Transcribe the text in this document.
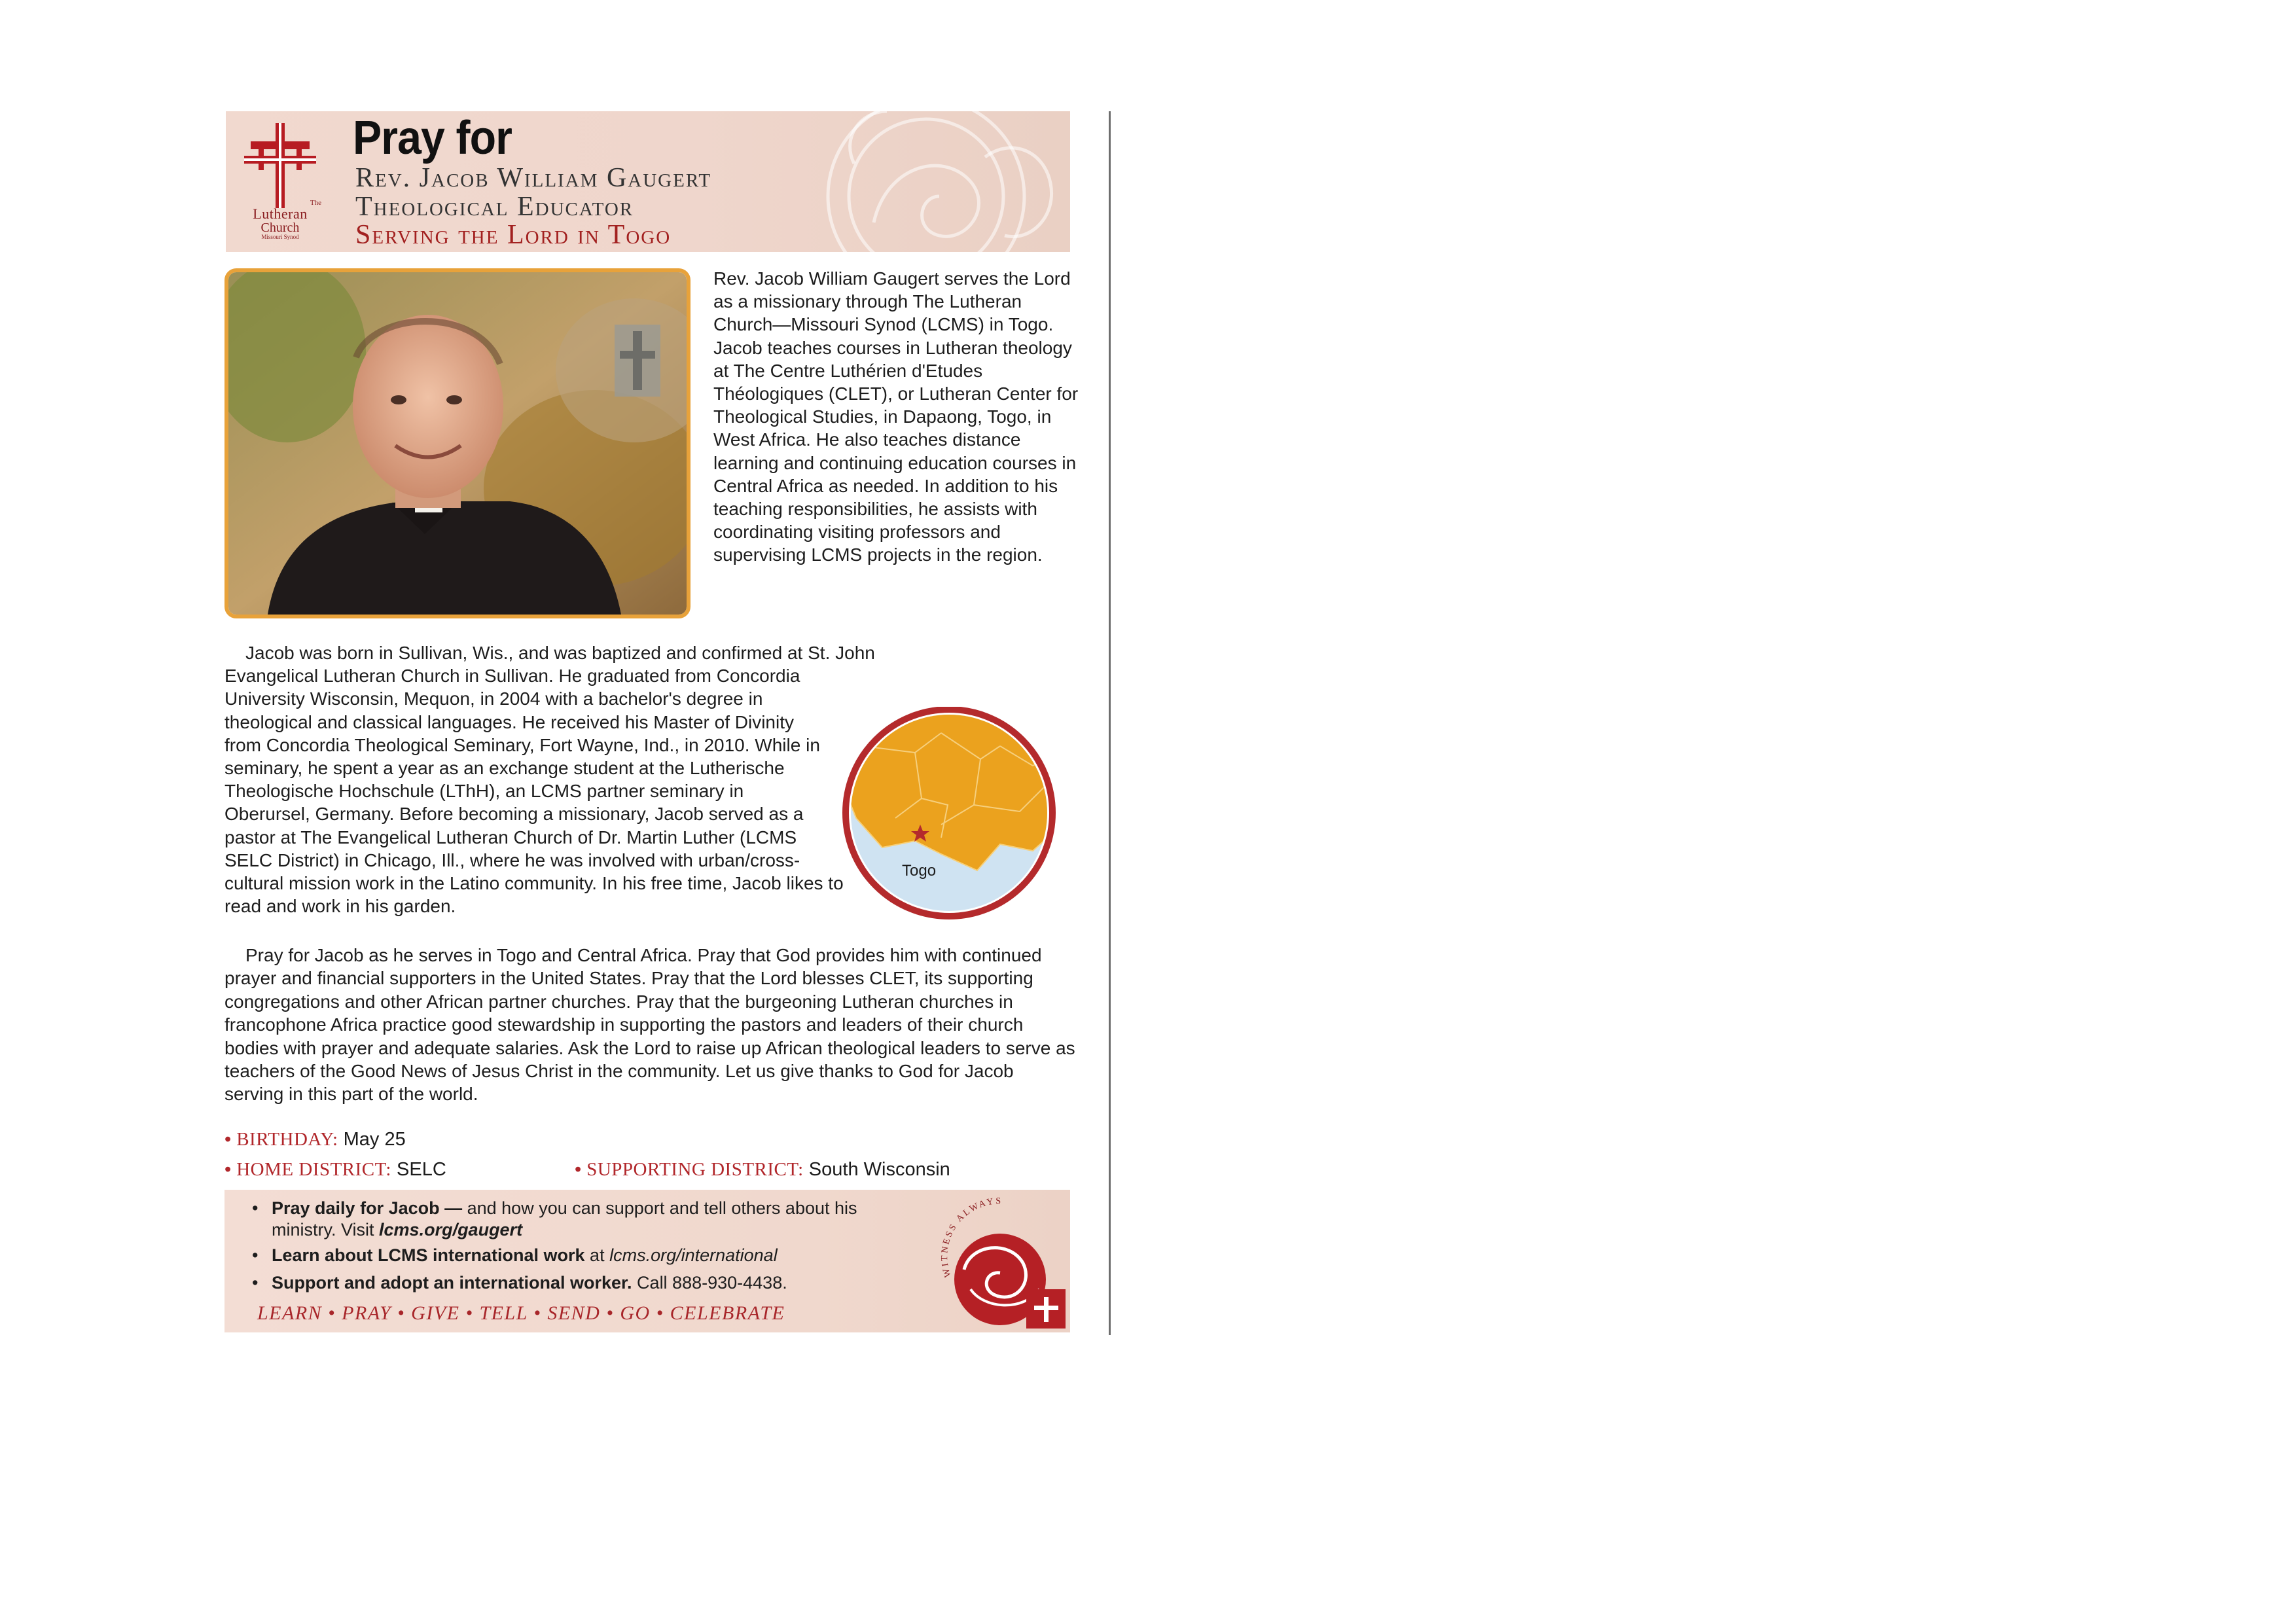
The
Lutheran
Church
Missouri Synod
Pray for
Rev. Jacob William Gaugert
Theological Educator
Serving the Lord in Togo
Rev. Jacob William Gaugert serves the Lord as a missionary through The Lutheran Church—Missouri Synod (LCMS) in Togo. Jacob teaches courses in Lutheran theology at The Centre Luthérien d'Etudes Théologiques (CLET), or Lutheran Center for Theological Studies, in Dapaong, Togo, in West Africa. He also teaches distance learning and continuing education courses in Central Africa as needed. In addition to his teaching responsibilities, he assists with coordinating visiting professors and supervising LCMS projects in the region.
Togo
Jacob was born in Sullivan, Wis., and was baptized and confirmed at St. John Evangelical Lutheran Church in Sullivan. He graduated from Concordia University Wisconsin, Mequon, in 2004 with a bachelor's degree in theological and classical languages. He received his Master of Divinity from Concordia Theological Seminary, Fort Wayne, Ind., in 2010. While in seminary, he spent a year as an exchange student at the Lutherische Theologische Hochschule (LThH), an LCMS partner seminary in Oberursel, Germany. Before becoming a missionary, Jacob served as a pastor at The Evangelical Lutheran Church of Dr. Martin Luther (LCMS SELC District) in Chicago, Ill., where he was involved with urban/cross-cultural mission work in the Latino community. In his free time, Jacob likes to read and work in his garden.
Pray for Jacob as he serves in Togo and Central Africa. Pray that God provides him with continued prayer and financial supporters in the United States. Pray that the Lord blesses CLET, its supporting congregations and other African partner churches. Pray that the burgeoning Lutheran churches in francophone Africa practice good stewardship in supporting the pastors and leaders of their church bodies with prayer and adequate salaries. Ask the Lord to raise up African theological leaders to serve as teachers of the Good News of Jesus Christ in the community. Let us give thanks to God for Jacob serving in this part of the world.
• BIRTHDAY: May 25
• HOME DISTRICT: SELC	• SUPPORTING DISTRICT: South Wisconsin
• Pray daily for Jacob — and how you can support and tell others about his ministry. Visit lcms.org/gaugert
• Learn about LCMS international work at lcms.org/international
• Support and adopt an international worker. Call 888-930-4438.
LEARN • PRAY • GIVE • TELL • SEND • GO • CELEBRATE
WITNESS ALWAYS
